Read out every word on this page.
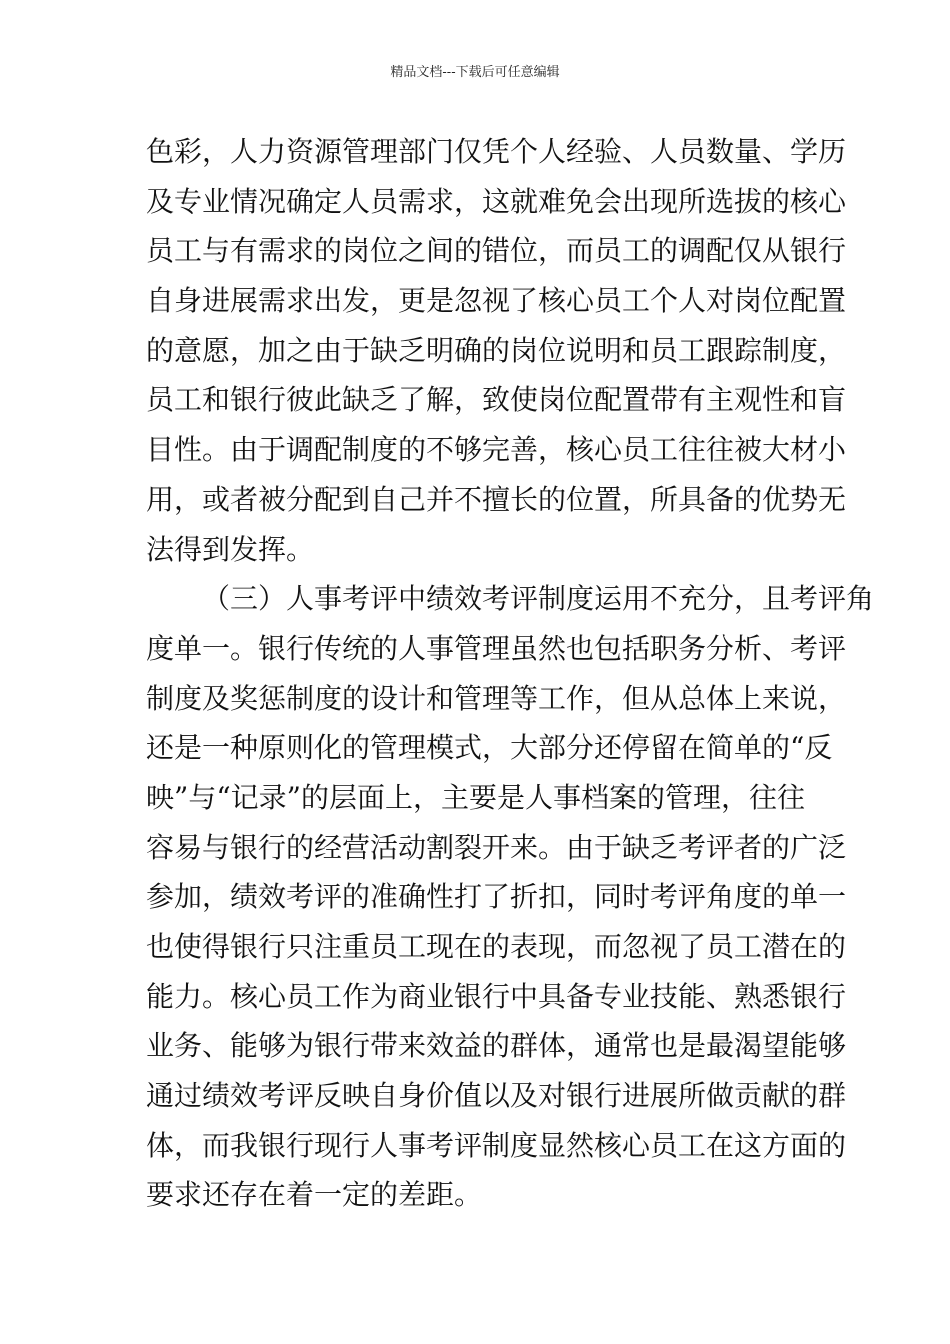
精品文档---下载后可任意编辑
色彩，人力资源管理部门仅凭个人经验、人员数量、学历
及专业情况确定人员需求，这就难免会出现所选拔的核心
员工与有需求的岗位之间的错位，而员工的调配仅从银行
自身进展需求出发，更是忽视了核心员工个人对岗位配置
的意愿，加之由于缺乏明确的岗位说明和员工跟踪制度，
员工和银行彼此缺乏了解，致使岗位配置带有主观性和盲
目性。由于调配制度的不够完善，核心员工往往被大材小
用，或者被分配到自己并不擅长的位置，所具备的优势无
法得到发挥。
（三）人事考评中绩效考评制度运用不充分，且考评角
度单一。银行传统的人事管理虽然也包括职务分析、考评
制度及奖惩制度的设计和管理等工作，但从总体上来说，
还是一种原则化的管理模式，大部分还停留在简单的“反
映”与“记录”的层面上，主要是人事档案的管理，往往
容易与银行的经营活动割裂开来。由于缺乏考评者的广泛
参加，绩效考评的准确性打了折扣，同时考评角度的单一
也使得银行只注重员工现在的表现，而忽视了员工潜在的
能力。核心员工作为商业银行中具备专业技能、熟悉银行
业务、能够为银行带来效益的群体，通常也是最渴望能够
通过绩效考评反映自身价值以及对银行进展所做贡献的群
体，而我银行现行人事考评制度显然核心员工在这方面的
要求还存在着一定的差距。
